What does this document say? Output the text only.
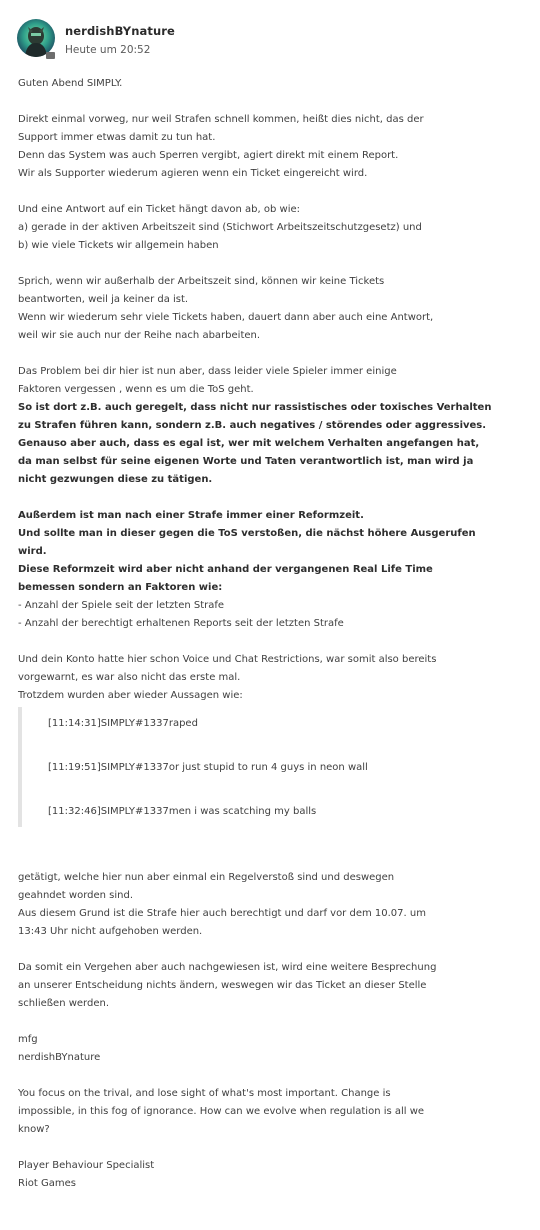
nerdishBYnature
Heute um 20:52

Guten Abend SIMPLY.

Direkt einmal vorweg, nur weil Strafen schnell kommen, heißt dies nicht, das der

Support immer etwas damit zu tun hat.

Denn das System was auch Sperren vergibt, agiert direkt mit einem Report.

Wir als Supporter wiederum agieren wenn ein Ticket eingereicht wird.

Und eine Antwort auf ein Ticket hängt davon ab, ob wie:

a) gerade in der aktiven Arbeitszeit sind (Stichwort Arbeitszeitschutzgesetz) und

b) wie viele Tickets wir allgemein haben

Sprich, wenn wir außerhalb der Arbeitszeit sind, können wir keine Tickets

beantworten, weil ja keiner da ist.

Wenn wir wiederum sehr viele Tickets haben, dauert dann aber auch eine Antwort,

weil wir sie auch nur der Reihe nach abarbeiten.

Das Problem bei dir hier ist nun aber, dass leider viele Spieler immer einige

Faktoren vergessen , wenn es um die ToS geht.

So ist dort z.B. auch geregelt, dass nicht nur rassistisches oder toxisches Verhalten

zu Strafen führen kann, sondern z.B. auch negatives / störendes oder aggressives.

Genauso aber auch, dass es egal ist, wer mit welchem Verhalten angefangen hat,

da man selbst für seine eigenen Worte und Taten verantwortlich ist, man wird ja

nicht gezwungen diese zu tätigen.

Außerdem ist man nach einer Strafe immer einer Reformzeit.

Und sollte man in dieser gegen die ToS verstoßen, die nächst höhere Ausgerufen

wird.

Diese Reformzeit wird aber nicht anhand der vergangenen Real Life Time

bemessen sondern an Faktoren wie:

- Anzahl der Spiele seit der letzten Strafe

- Anzahl der berechtigt erhaltenen Reports seit der letzten Strafe

Und dein Konto hatte hier schon Voice und Chat Restrictions, war somit also bereits

vorgewarnt, es war also nicht das erste mal.

Trotzdem wurden aber wieder Aussagen wie:

[11:14:31]SIMPLY#1337raped

[11:19:51]SIMPLY#1337or just stupid to run 4 guys in neon wall

[11:32:46]SIMPLY#1337men i was scatching my balls

getätigt, welche hier nun aber einmal ein Regelverstoß sind und deswegen

geahndet worden sind.

Aus diesem Grund ist die Strafe hier auch berechtigt und darf vor dem 10.07. um

13:43 Uhr nicht aufgehoben werden.

Da somit ein Vergehen aber auch nachgewiesen ist, wird eine weitere Besprechung

an unserer Entscheidung nichts ändern, weswegen wir das Ticket an dieser Stelle

schließen werden.

mfg

nerdishBYnature

You focus on the trival, and lose sight of what's most important. Change is

impossible, in this fog of ignorance. How can we evolve when regulation is all we

know?

Player Behaviour Specialist

Riot Games
